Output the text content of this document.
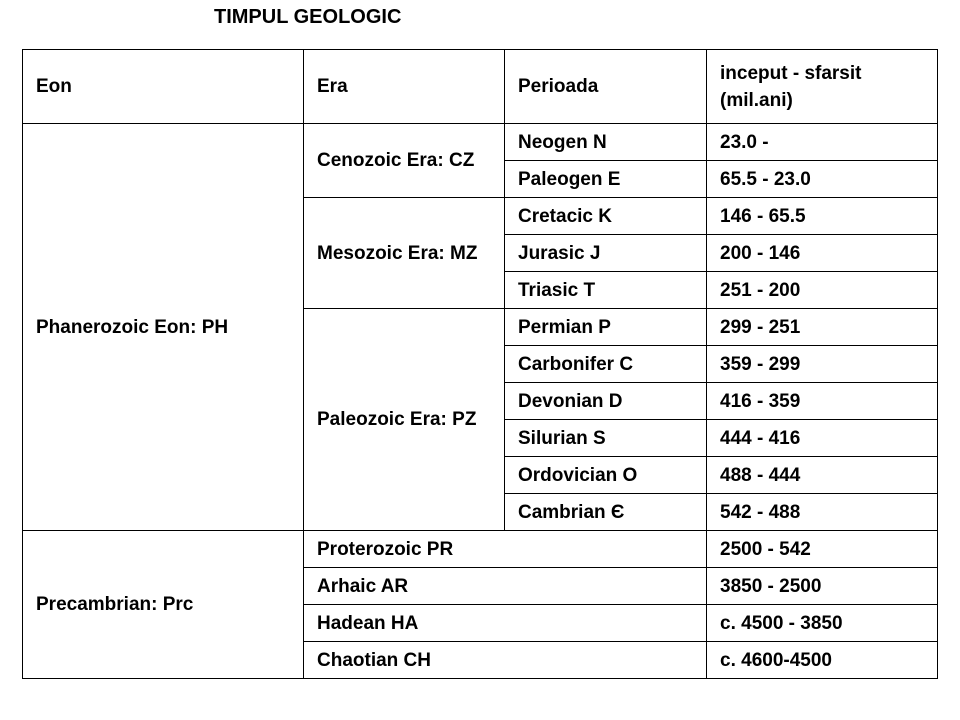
TIMPUL GEOLOGIC
Eon	Era	Perioada	inceput - sfarsit (mil.ani)
Phanerozoic Eon: PH	Cenozoic Era: CZ	Neogen N	23.0 -
		Paleogen E	65.5 - 23.0
	Mesozoic Era: MZ	Cretacic K	146 - 65.5
		Jurasic J	200 - 146
		Triasic T	251 - 200
	Paleozoic Era: PZ	Permian P	299 - 251
		Carbonifer C	359 - 299
		Devonian D	416 - 359
		Silurian S	444 - 416
		Ordovician O	488 - 444
		Cambrian Є	542 - 488
Precambrian: Prc	Proterozoic PR		2500 - 542
	Arhaic AR		3850 - 2500
	Hadean HA		c. 4500 - 3850
	Chaotian CH		c. 4600-4500
